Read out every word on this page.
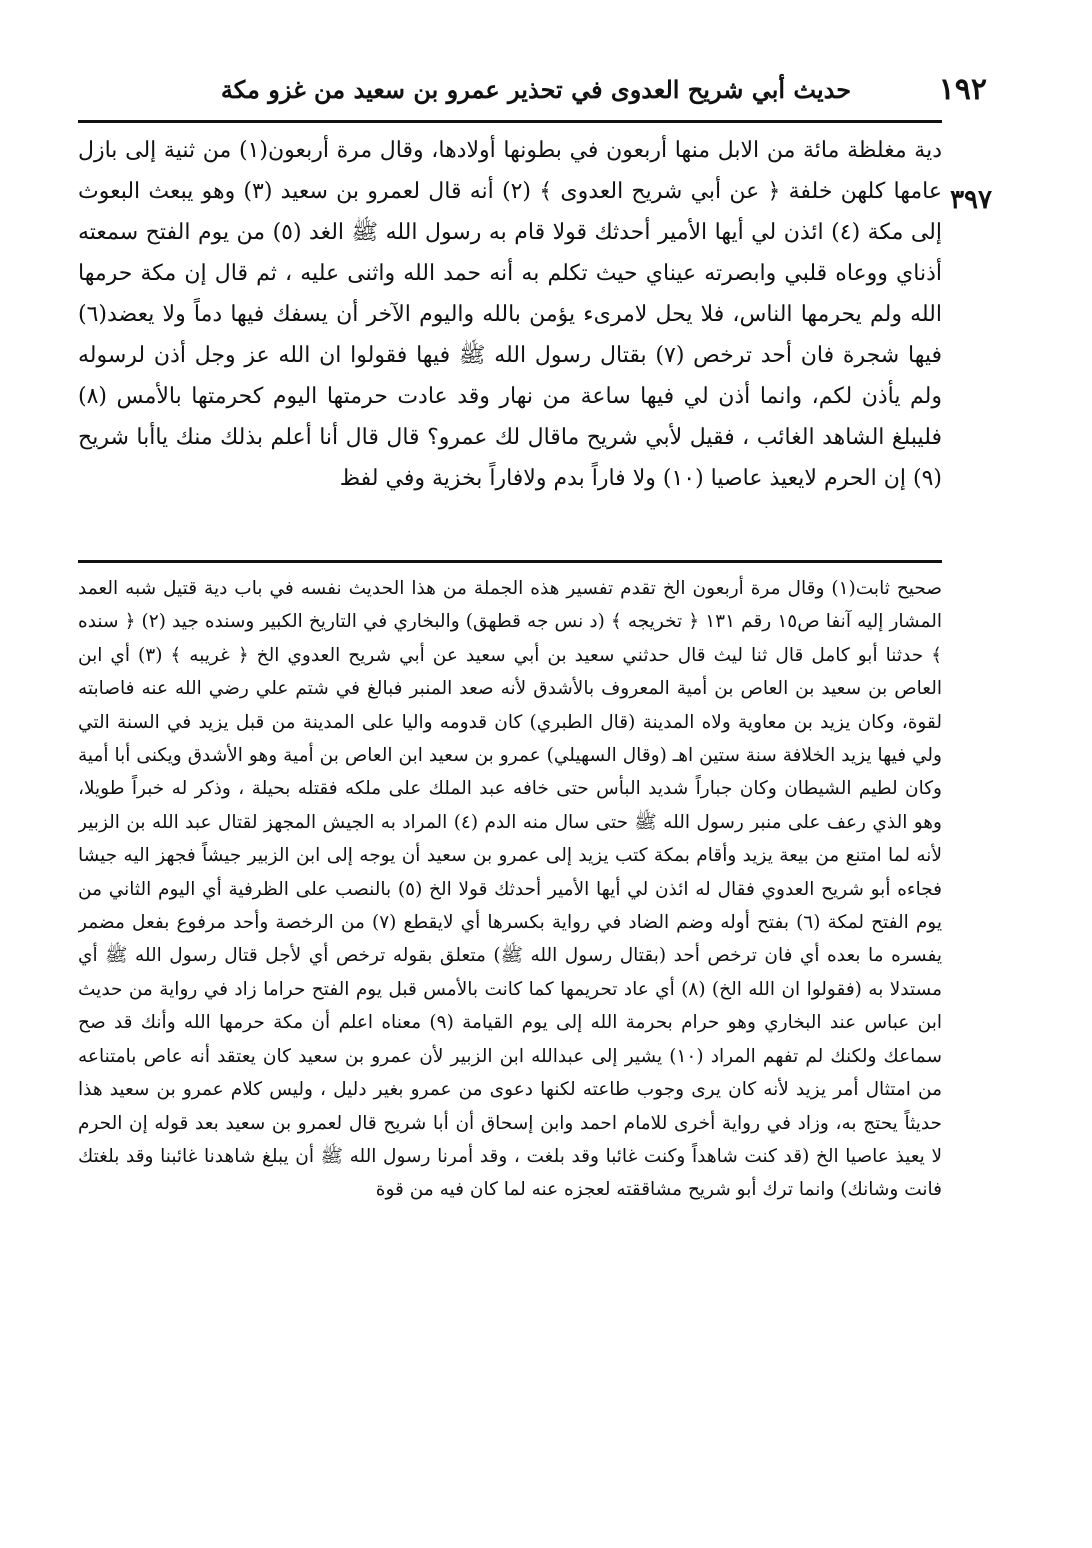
١٩٢
حديث أبي شريح العدوى في تحذير عمرو بن سعيد من غزو مكة
٣٩٧

دية مغلظة مائة من الابل منها أربعون في بطونها أولادها، وقال مرة أربعون(١) من ثنية إلى بازل عامها كلهن خلفة ﴿ عن أبي شريح العدوى ﴾ (٢) أنه قال لعمرو بن سعيد (٣) وهو يبعث البعوث إلى مكة (٤) ائذن لي أيها الأمير أحدثك قولا قام به رسول الله ﷺ الغد (٥) من يوم الفتح سمعته أذناي ووعاه قلبي وابصرته عيناي حيث تكلم به أنه حمد الله واثنى عليه ، ثم قال إن مكة حرمها الله ولم يحرمها الناس، فلا يحل لامرىء يؤمن بالله واليوم الآخر أن يسفك فيها دماً ولا يعضد(٦) فيها شجرة فان أحد ترخص (٧) بقتال رسول الله ﷺ فيها فقولوا ان الله عز وجل أذن لرسوله ولم يأذن لكم، وانما أذن لي فيها ساعة من نهار وقد عادت حرمتها اليوم كحرمتها بالأمس (٨) فليبلغ الشاهد الغائب ، فقيل لأبي شريح ماقال لك عمرو؟ قال قال أنا أعلم بذلك منك ياأبا شريح (٩) إن الحرم لايعيذ عاصيا (١٠) ولا فاراً بدم ولافاراً بخزية وفي لفظ

صحيح ثابت(١) وقال مرة أربعون الخ تقدم تفسير هذه الجملة من هذا الحديث نفسه في باب دية قتيل شبه العمد المشار إليه آنفا ص١٥ رقم ١٣١ ﴿ تخريجه ﴾ (د نس جه قطهق) والبخاري في التاريخ الكبير وسنده جيد (٢) ﴿ سنده ﴾ حدثنا أبو كامل قال ثنا ليث قال حدثني سعيد بن أبي سعيد عن أبي شريح العدوي الخ ﴿ غريبه ﴾ (٣) أي ابن العاص بن سعيد بن العاص بن أمية المعروف بالأشدق لأنه صعد المنبر فبالغ في شتم علي رضي الله عنه فاصابته لقوة، وكان يزيد بن معاوية ولاه المدينة (قال الطبري) كان قدومه واليا على المدينة من قبل يزيد في السنة التي ولي فيها يزيد الخلافة سنة ستين اهـ (وقال السهيلي) عمرو بن سعيد ابن العاص بن أمية وهو الأشدق ويكنى أبا أمية وكان لطيم الشيطان وكان جباراً شديد البأس حتى خافه عبد الملك على ملكه فقتله بحيلة ، وذكر له خبراً طويلا، وهو الذي رعف على منبر رسول الله ﷺ حتى سال منه الدم (٤) المراد به الجيش المجهز لقتال عبد الله بن الزبير لأنه لما امتنع من بيعة يزيد وأقام بمكة كتب يزيد إلى عمرو بن سعيد أن يوجه إلى ابن الزبير جيشاً فجهز اليه جيشا فجاءه أبو شريح العدوي فقال له ائذن لي أيها الأمير أحدثك قولا الخ (٥) بالنصب على الظرفية أي اليوم الثاني من يوم الفتح لمكة (٦) بفتح أوله وضم الضاد في رواية بكسرها أي لايقطع (٧) من الرخصة وأحد مرفوع بفعل مضمر يفسره ما بعده أي فان ترخص أحد (بقتال رسول الله ﷺ) متعلق بقوله ترخص أي لأجل قتال رسول الله ﷺ أي مستدلا به (فقولوا ان الله الخ) (٨) أي عاد تحريمها كما كانت بالأمس قبل يوم الفتح حراما زاد في رواية من حديث ابن عباس عند البخاري وهو حرام بحرمة الله إلى يوم القيامة (٩) معناه اعلم أن مكة حرمها الله وأنك قد صح سماعك ولكنك لم تفهم المراد (١٠) يشير إلى عبدالله ابن الزبير لأن عمرو بن سعيد كان يعتقد أنه عاص بامتناعه من امتثال أمر يزيد لأنه كان يرى وجوب طاعته لكنها دعوى من عمرو بغير دليل ، وليس كلام عمرو بن سعيد هذا حديثاً يحتج به، وزاد في رواية أخرى للامام احمد وابن إسحاق أن أبا شريح قال لعمرو بن سعيد بعد قوله إن الحرم لا يعيذ عاصيا الخ (قد كنت شاهداً وكنت غائبا وقد بلغت ، وقد أمرنا رسول الله ﷺ أن يبلغ شاهدنا غائبنا وقد بلغتك فانت وشانك) وانما ترك أبو شريح مشاققته لعجزه عنه لما كان فيه من قوة
